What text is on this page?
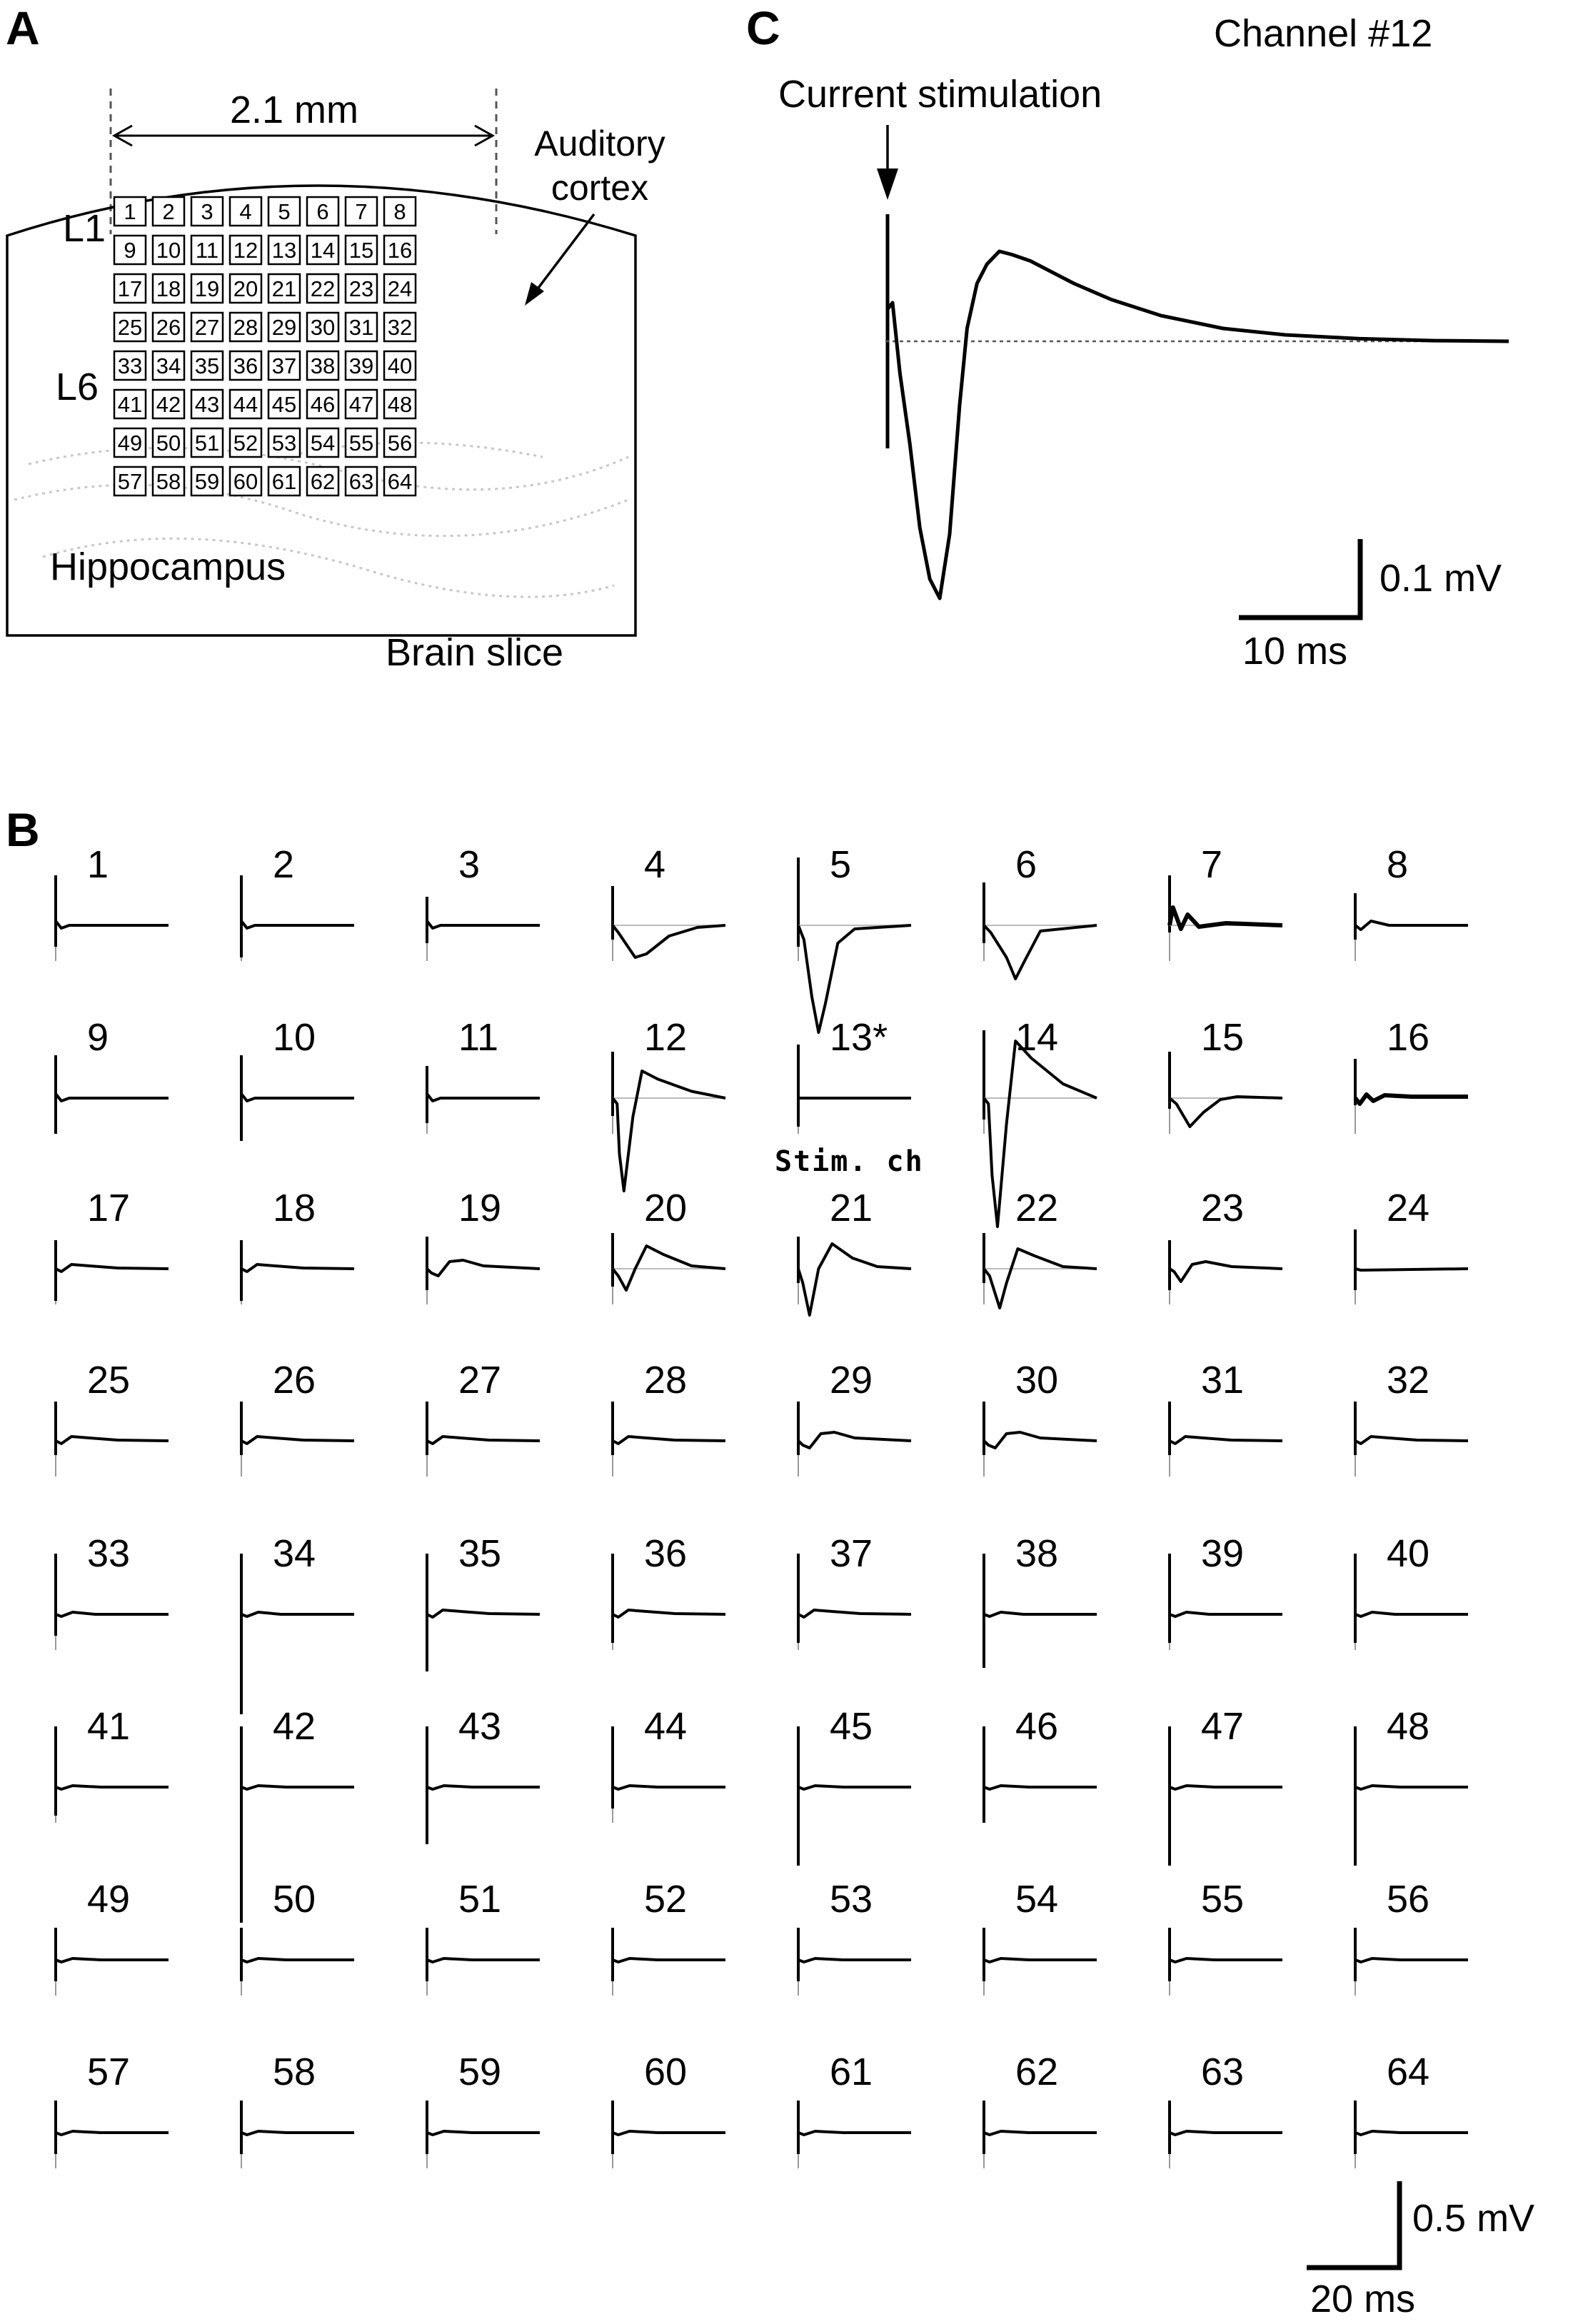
A
2.1 mm
Auditory
cortex
L1
L6
Hippocampus
Brain slice
1 2 3 4 5 6 7 8
9 10 11 12 13 14 15 16
17 18 19 20 21 22 23 24
25 26 27 28 29 30 31 32
33 34 35 36 37 38 39 40
41 42 43 44 45 46 47 48
49 50 51 52 53 54 55 56
57 58 59 60 61 62 63 64
C	Channel #12
Current stimulation
0.1 mV
10 ms
B
1	2	3	4	5	6	7	8
9	10	11	12	13*	14	15	16
17	18	19	20	21	22	23	24
25	26	27	28	29	30	31	32
33	34	35	36	37	38	39	40
41	42	43	44	45	46	47	48
49	50	51	52	53	54	55	56
57	58	59	60	61	62	63	64
Stim. ch
0.5 mV
20 ms
